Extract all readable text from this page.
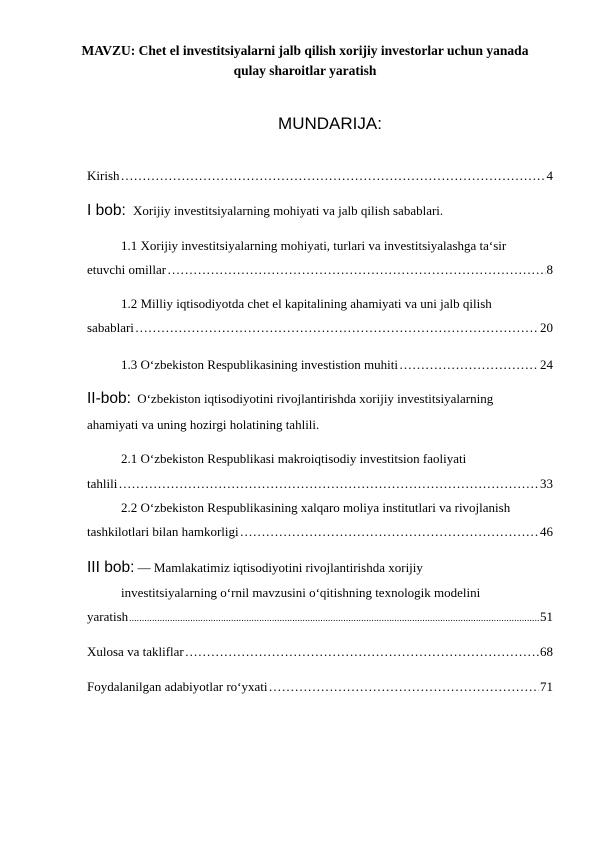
MAVZU: Chet el investitsiyalarni jalb qilish xorijiy investorlar uchun yanada
qulay sharoitlar yaratish
MUNDARIJA:
Kirish …………………………………………………………………………………………………………………………………………………………	4
I bob: Xorijiy investitsiyalarning mohiyati va jalb qilish sabablari.
1.1 Xorijiy investitsiyalarning mohiyati, turlari va investitsiyalashga ta‘sir
etuvchi omillar …………………………………………………………………………………………………………………………………………………………	8
1.2 Milliy iqtisodiyotda chet el kapitalining ahamiyati va uni jalb qilish
sabablari …………………………………………………………………………………………………………………………………………………………	20
1.3 O‘zbekiston Respublikasining investistion muhiti …………………………………………………………………………………………………………………………………………………………	24
II-bob: O‘zbekiston iqtisodiyotini rivojlantirishda xorijiy investitsiyalarning
ahamiyati va uning hozirgi holatining tahlili.
2.1 O‘zbekiston Respublikasi makroiqtisodiy investitsion faoliyati
tahlili …………………………………………………………………………………………………………………………………………………………	33
2.2 O‘zbekiston Respublikasining xalqaro moliya institutlari va rivojlanish
tashkilotlari bilan hamkorligi …………………………………………………………………………………………………………………………………………………………	46
III bob: — Mamlakatimiz iqtisodiyotini rivojlantirishda xorijiy
investitsiyalarning o‘rnil mavzusini o‘qitishning texnologik modelini
yaratish .....	51
Xulosa va takliflar …………………………………………………………………………………………………………………………………………………………	68
Foydalanilgan adabiyotlar ro‘yxati …………………………………………………………………………………………………………………………………………………………	71
